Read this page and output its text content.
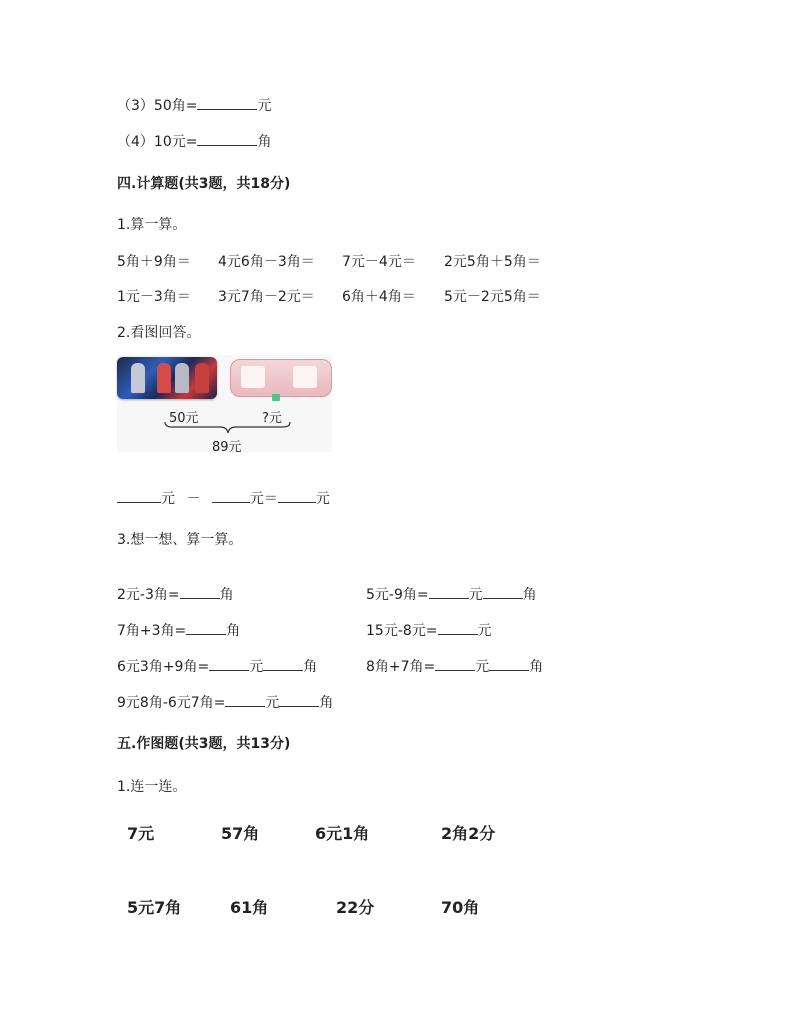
（3）50角=	元
（4）10元=	角
四.计算题(共3题，共18分)
1.算一算。
5角＋9角＝ 4元6角－3角＝ 7元－4元＝ 2元5角＋5角＝
1元－3角＝ 3元7角－2元＝ 6角＋4角＝ 5元－2元5角＝
2.看图回答。
50元	?元
89元
元 －	元＝	元
3.想一想、算一算。
2元-3角=	角	5元-9角=	元	角
7角+3角=	角	15元-8元=	元
6元3角+9角=	元	角	8角+7角=	元	角
9元8角-6元7角=	元	角
五.作图题(共3题，共13分)
1.连一连。
7元	57角	6元1角	2角2分
5元7角	61角	22分	70角
